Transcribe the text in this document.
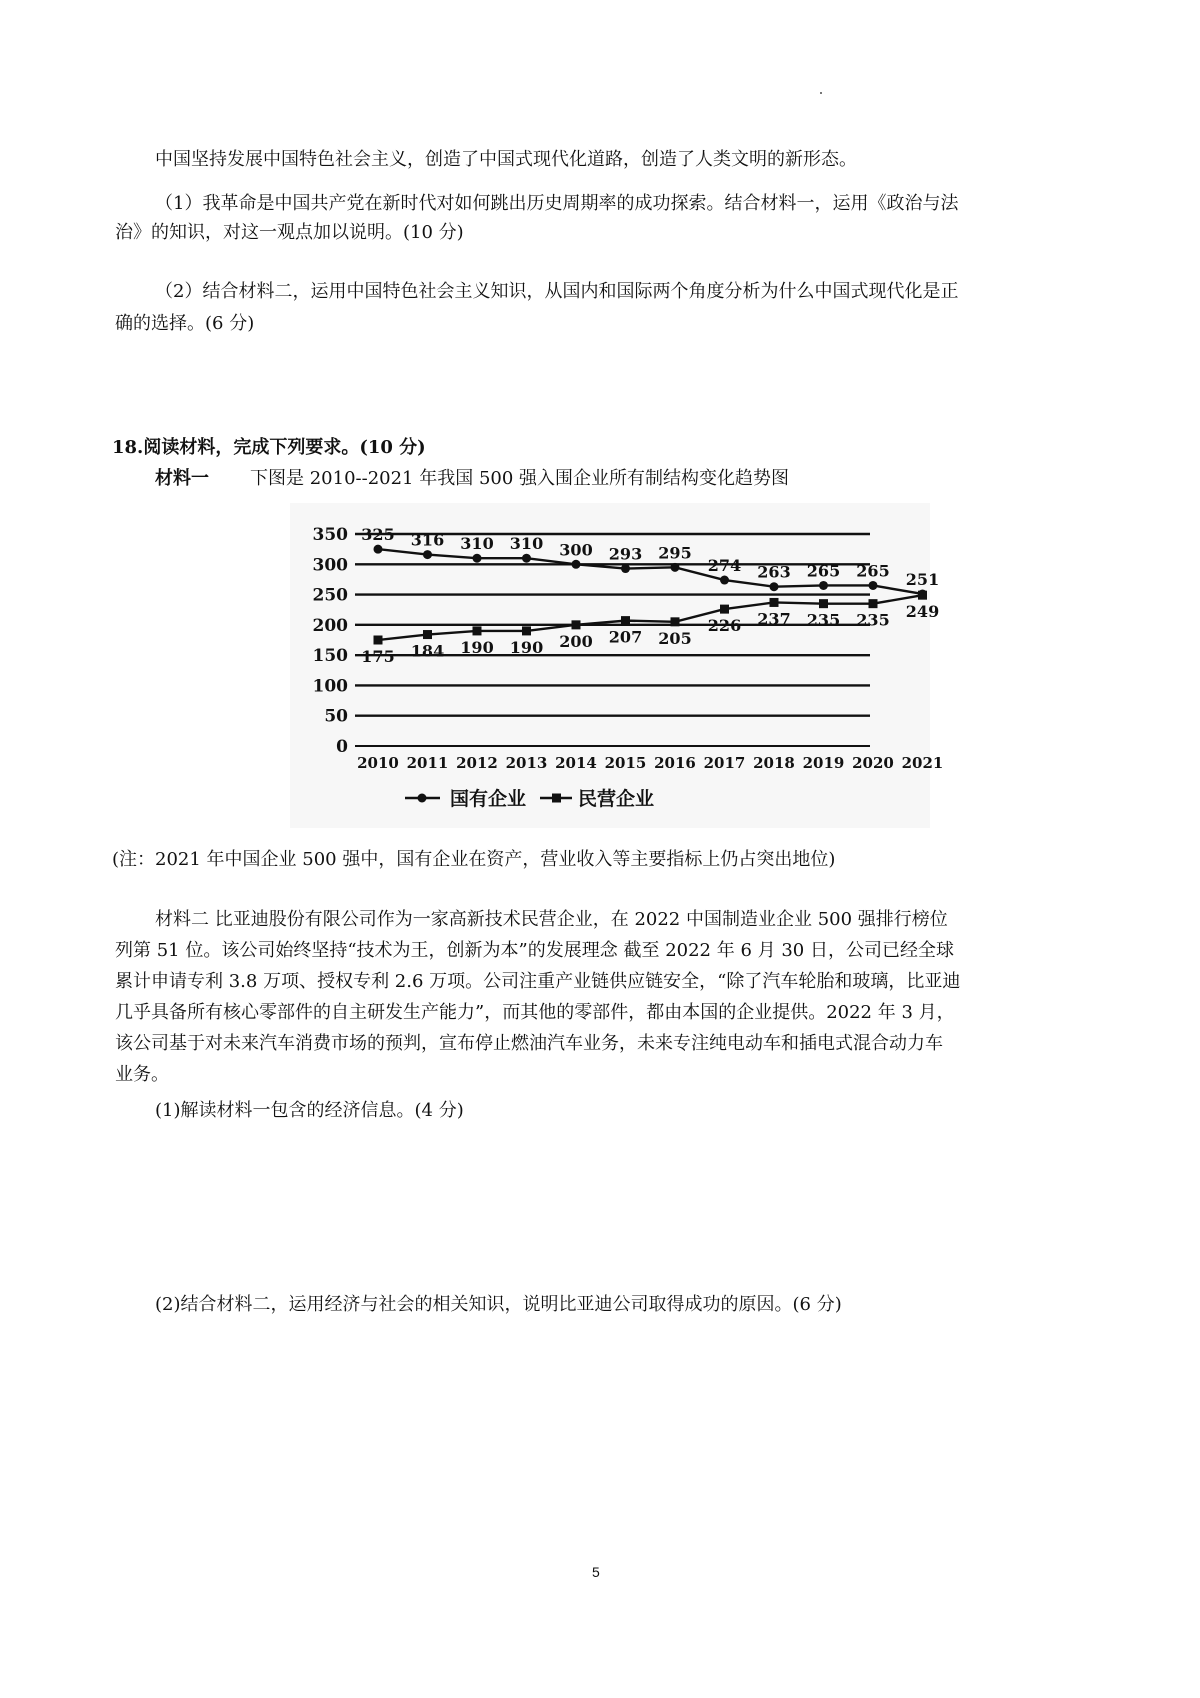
中国坚持发展中国特色社会主义，创造了中国式现代化道路，创造了人类文明的新形态。
（1）我革命是中国共产党在新时代对如何跳出历史周期率的成功探索。结合材料一，运用《政治与法
治》的知识，对这一观点加以说明。(10 分)
（2）结合材料二，运用中国特色社会主义知识，从国内和国际两个角度分析为什么中国式现代化是正
确的选择。(6 分)
18.阅读材料，完成下列要求。(10 分)
材料一 下图是 2010--2021 年我国 500 强入围企业所有制结构变化趋势图
0
50
100
150
200
250
300
350
2010 2011 2012 2013 2014 2015 2016 2017 2018 2019 2020 2021
325 316 310 310 300 293 295
274 263 265 265 251
175 184 190 190 200 207 205
226 237 235 235 249
国有企业	民营企业
(注：2021 年中国企业 500 强中，国有企业在资产，营业收入等主要指标上仍占突出地位)
材料二 比亚迪股份有限公司作为一家高新技术民营企业，在 2022 中国制造业企业 500 强排行榜位
列第 51 位。该公司始终坚持“技术为王，创新为本”的发展理念 截至 2022 年 6 月 30 日，公司已经全球
累计申请专利 3.8 万项、授权专利 2.6 万项。公司注重产业链供应链安全，“除了汽车轮胎和玻璃，比亚迪
几乎具备所有核心零部件的自主研发生产能力”，而其他的零部件，都由本国的企业提供。2022 年 3 月，
该公司基于对未来汽车消费市场的预判，宣布停止燃油汽车业务，未来专注纯电动车和插电式混合动力车
业务。
(1)解读材料一包含的经济信息。(4 分)
(2)结合材料二，运用经济与社会的相关知识，说明比亚迪公司取得成功的原因。(6 分)
5
